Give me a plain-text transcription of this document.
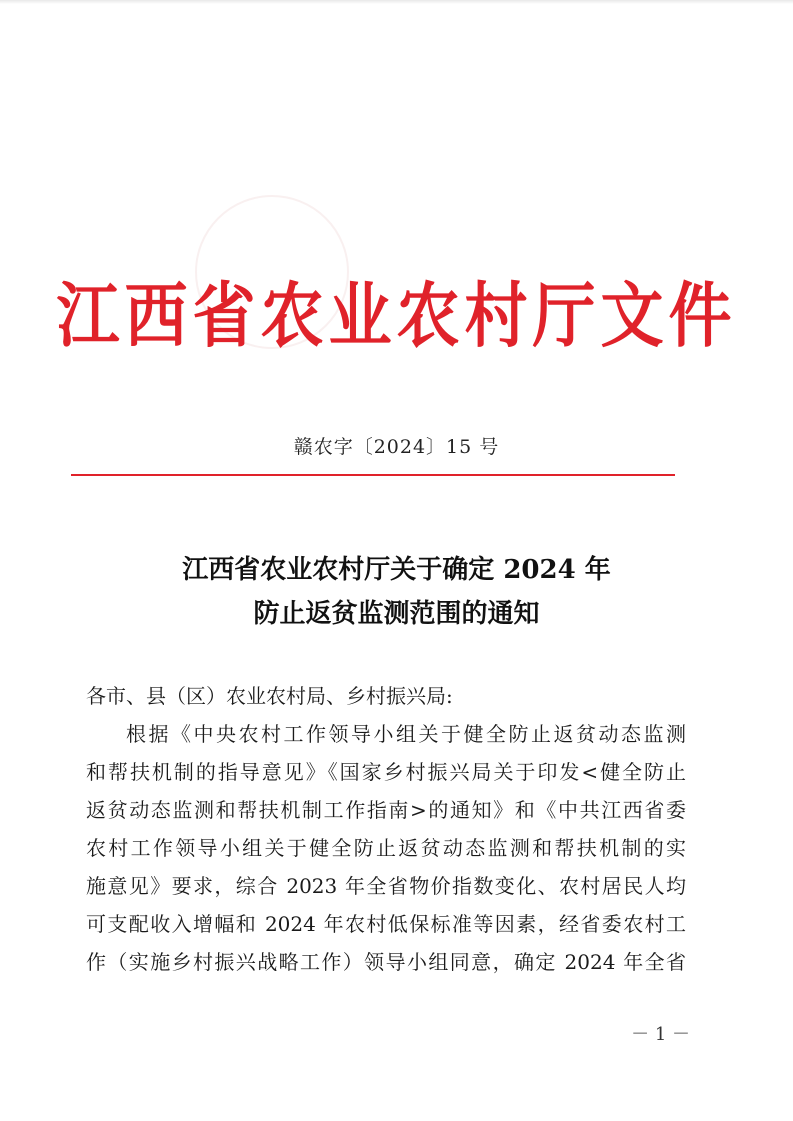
江西省农业农村厅文件
赣农字〔2024〕15 号
江西省农业农村厅关于确定 2024 年
防止返贫监测范围的通知
各市、县（区）农业农村局、乡村振兴局:
根据《中央农村工作领导小组关于健全防止返贫动态监测
和帮扶机制的指导意见》《国家乡村振兴局关于印发<健全防止
返贫动态监测和帮扶机制工作指南>的通知》和《中共江西省委
农村工作领导小组关于健全防止返贫动态监测和帮扶机制的实
施意见》要求，综合 2023 年全省物价指数变化、农村居民人均
可支配收入增幅和 2024 年农村低保标准等因素，经省委农村工
作（实施乡村振兴战略工作）领导小组同意，确定 2024 年全省
－ 1 －
